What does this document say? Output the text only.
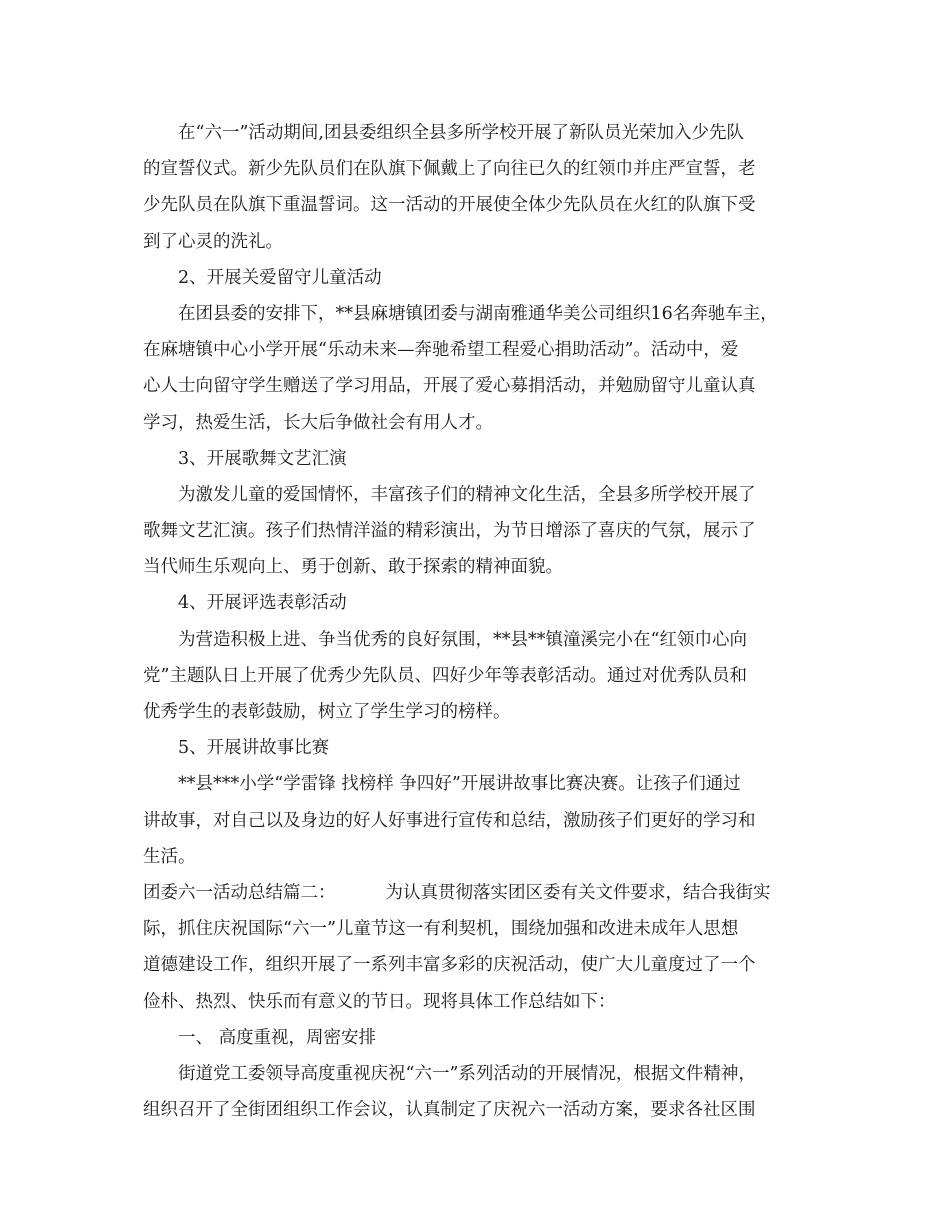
在“六一”活动期间,团县委组织全县多所学校开展了新队员光荣加入少先队
的宣誓仪式。新少先队员们在队旗下佩戴上了向往已久的红领巾并庄严宣誓，老
少先队员在队旗下重温誓词。这一活动的开展使全体少先队员在火红的队旗下受
到了心灵的洗礼。
2、开展关爱留守儿童活动
在团县委的安排下，**县麻塘镇团委与湖南雅通华美公司组织16名奔驰车主，
在麻塘镇中心小学开展“乐动未来—奔驰希望工程爱心捐助活动”。活动中，爱
心人士向留守学生赠送了学习用品，开展了爱心募捐活动，并勉励留守儿童认真
学习，热爱生活，长大后争做社会有用人才。
3、开展歌舞文艺汇演
为激发儿童的爱国情怀，丰富孩子们的精神文化生活，全县多所学校开展了
歌舞文艺汇演。孩子们热情洋溢的精彩演出，为节日增添了喜庆的气氛，展示了
当代师生乐观向上、勇于创新、敢于探索的精神面貌。
4、开展评选表彰活动
为营造积极上进、争当优秀的良好氛围，**县**镇潼溪完小在“红领巾心向
党”主题队日上开展了优秀少先队员、四好少年等表彰活动。通过对优秀队员和
优秀学生的表彰鼓励，树立了学生学习的榜样。
5、开展讲故事比赛
**县***小学“学雷锋 找榜样 争四好”开展讲故事比赛决赛。让孩子们通过
讲故事，对自己以及身边的好人好事进行宣传和总结，激励孩子们更好的学习和
生活。
团委六一活动总结篇二：	为认真贯彻落实团区委有关文件要求，结合我街实
际，抓住庆祝国际“六一”儿童节这一有利契机，围绕加强和改进未成年人思想
道德建设工作，组织开展了一系列丰富多彩的庆祝活动，使广大儿童度过了一个
俭朴、热烈、快乐而有意义的节日。现将具体工作总结如下：
一、 高度重视，周密安排
街道党工委领导高度重视庆祝“六一”系列活动的开展情况，根据文件精神，
组织召开了全街团组织工作会议，认真制定了庆祝六一活动方案，要求各社区围
